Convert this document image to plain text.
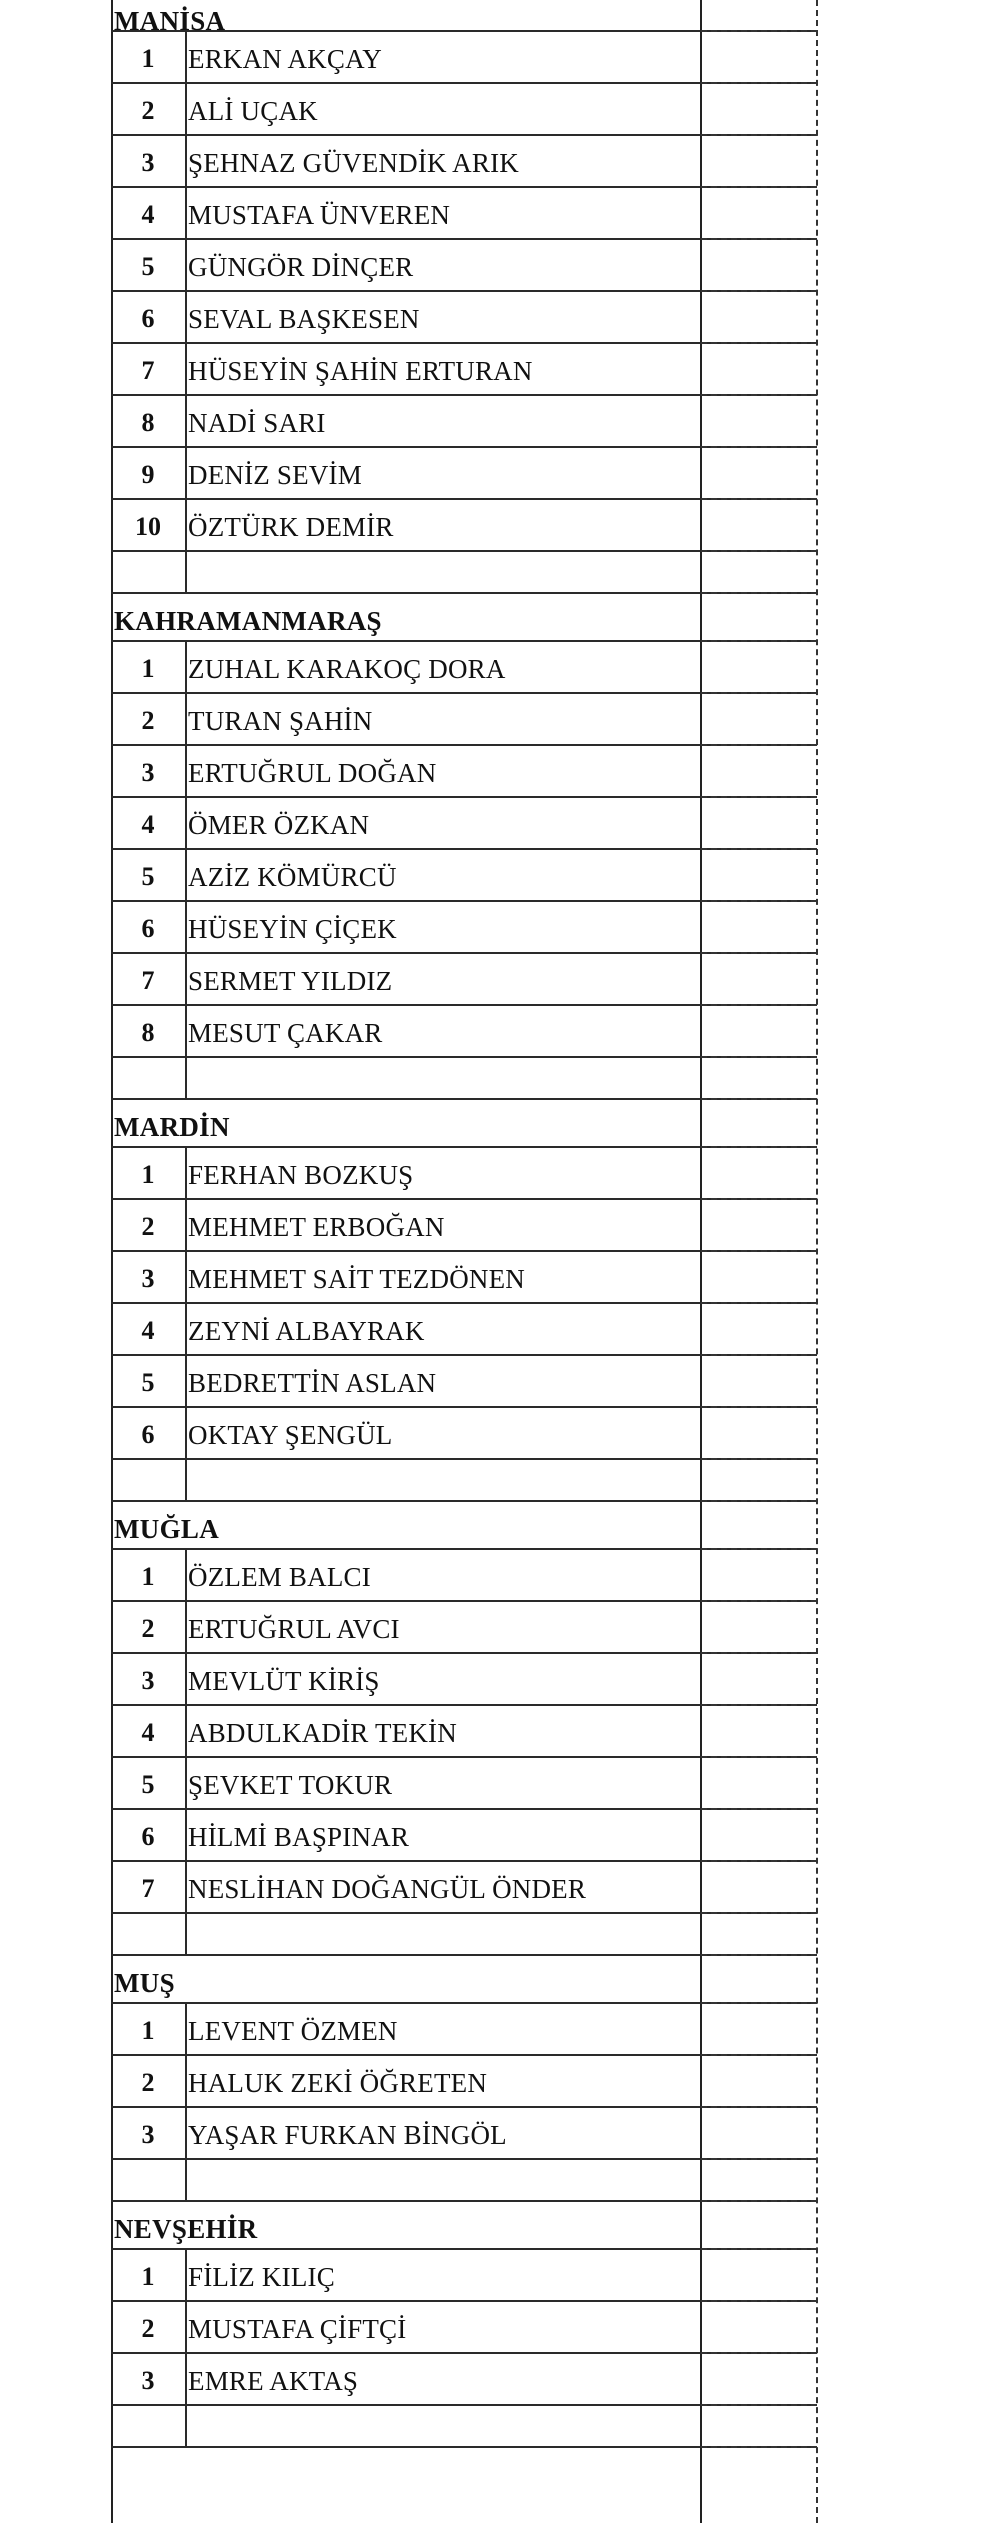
MANİSA
1	ERKAN AKÇAY
2	ALİ UÇAK
3	ŞEHNAZ GÜVENDİK ARIK
4	MUSTAFA ÜNVEREN
5	GÜNGÖR DİNÇER
6	SEVAL BAŞKESEN
7	HÜSEYİN ŞAHİN ERTURAN
8	NADİ SARI
9	DENİZ SEVİM
10	ÖZTÜRK DEMİR
KAHRAMANMARAŞ
1	ZUHAL KARAKOÇ DORA
2	TURAN ŞAHİN
3	ERTUĞRUL DOĞAN
4	ÖMER ÖZKAN
5	AZİZ KÖMÜRCÜ
6	HÜSEYİN ÇİÇEK
7	SERMET YILDIZ
8	MESUT ÇAKAR
MARDİN
1	FERHAN BOZKUŞ
2	MEHMET ERBOĞAN
3	MEHMET SAİT TEZDÖNEN
4	ZEYNİ ALBAYRAK
5	BEDRETTİN ASLAN
6	OKTAY ŞENGÜL
MUĞLA
1	ÖZLEM BALCI
2	ERTUĞRUL AVCI
3	MEVLÜT KİRİŞ
4	ABDULKADİR TEKİN
5	ŞEVKET TOKUR
6	HİLMİ BAŞPINAR
7	NESLİHAN DOĞANGÜL ÖNDER
MUŞ
1	LEVENT ÖZMEN
2	HALUK ZEKİ ÖĞRETEN
3	YAŞAR FURKAN BİNGÖL
NEVŞEHİR
1	FİLİZ KILIÇ
2	MUSTAFA ÇİFTÇİ
3	EMRE AKTAŞ
